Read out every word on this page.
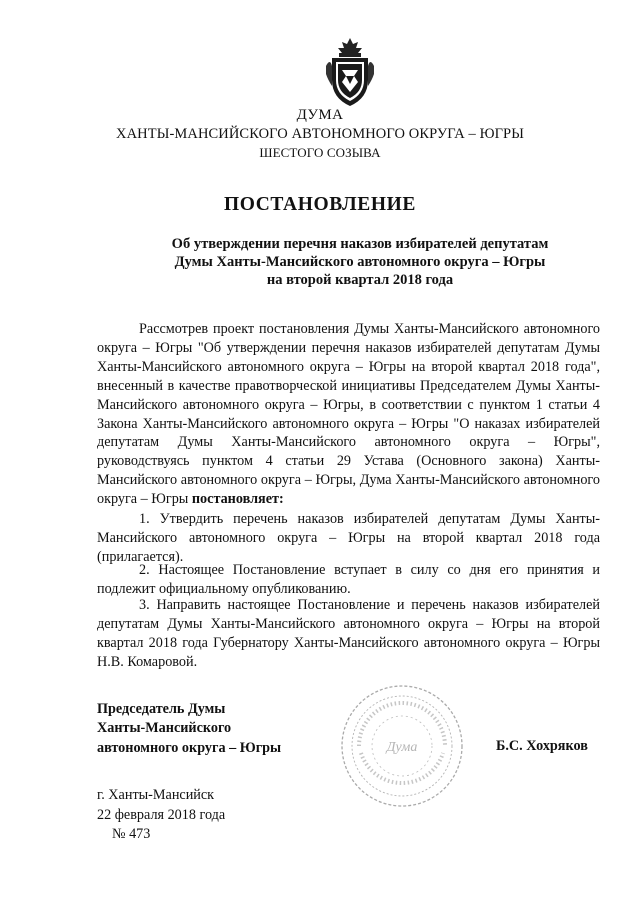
ДУМА
ХАНТЫ-МАНСИЙСКОГО АВТОНОМНОГО ОКРУГА – ЮГРЫ
ШЕСТОГО СОЗЫВА
ПОСТАНОВЛЕНИЕ
Об утверждении перечня наказов избирателей депутатам
Думы Ханты-Мансийского автономного округа – Югры
на второй квартал 2018 года
Рассмотрев проект постановления Думы Ханты-Мансийского автономного округа – Югры "Об утверждении перечня наказов избирателей депутатам Думы Ханты-Мансийского автономного округа – Югры на второй квартал 2018 года", внесенный в качестве правотворческой инициативы Председателем Думы Ханты-Мансийского автономного округа – Югры, в соответствии с пунктом 1 статьи 4 Закона Ханты-Мансийского автономного округа – Югры "О наказах избирателей депутатам Думы Ханты-Мансийского автономного округа – Югры", руководствуясь пунктом 4 статьи 29 Устава (Основного закона) Ханты-Мансийского автономного округа – Югры, Дума Ханты-Мансийского автономного округа – Югры постановляет:
1. Утвердить перечень наказов избирателей депутатам Думы Ханты-Мансийского автономного округа – Югры на второй квартал 2018 года (прилагается).
2. Настоящее Постановление вступает в силу со дня его принятия и подлежит официальному опубликованию.
3. Направить настоящее Постановление и перечень наказов избирателей депутатам Думы Ханты-Мансийского автономного округа – Югры на второй квартал 2018 года Губернатору Ханты-Мансийского автономного округа – Югры Н.В. Комаровой.
Председатель Думы
Ханты-Мансийского
автономного округа – Югры	Дума	Б.С. Хохряков
г. Ханты-Мансийск
22 февраля 2018 года
№ 473
